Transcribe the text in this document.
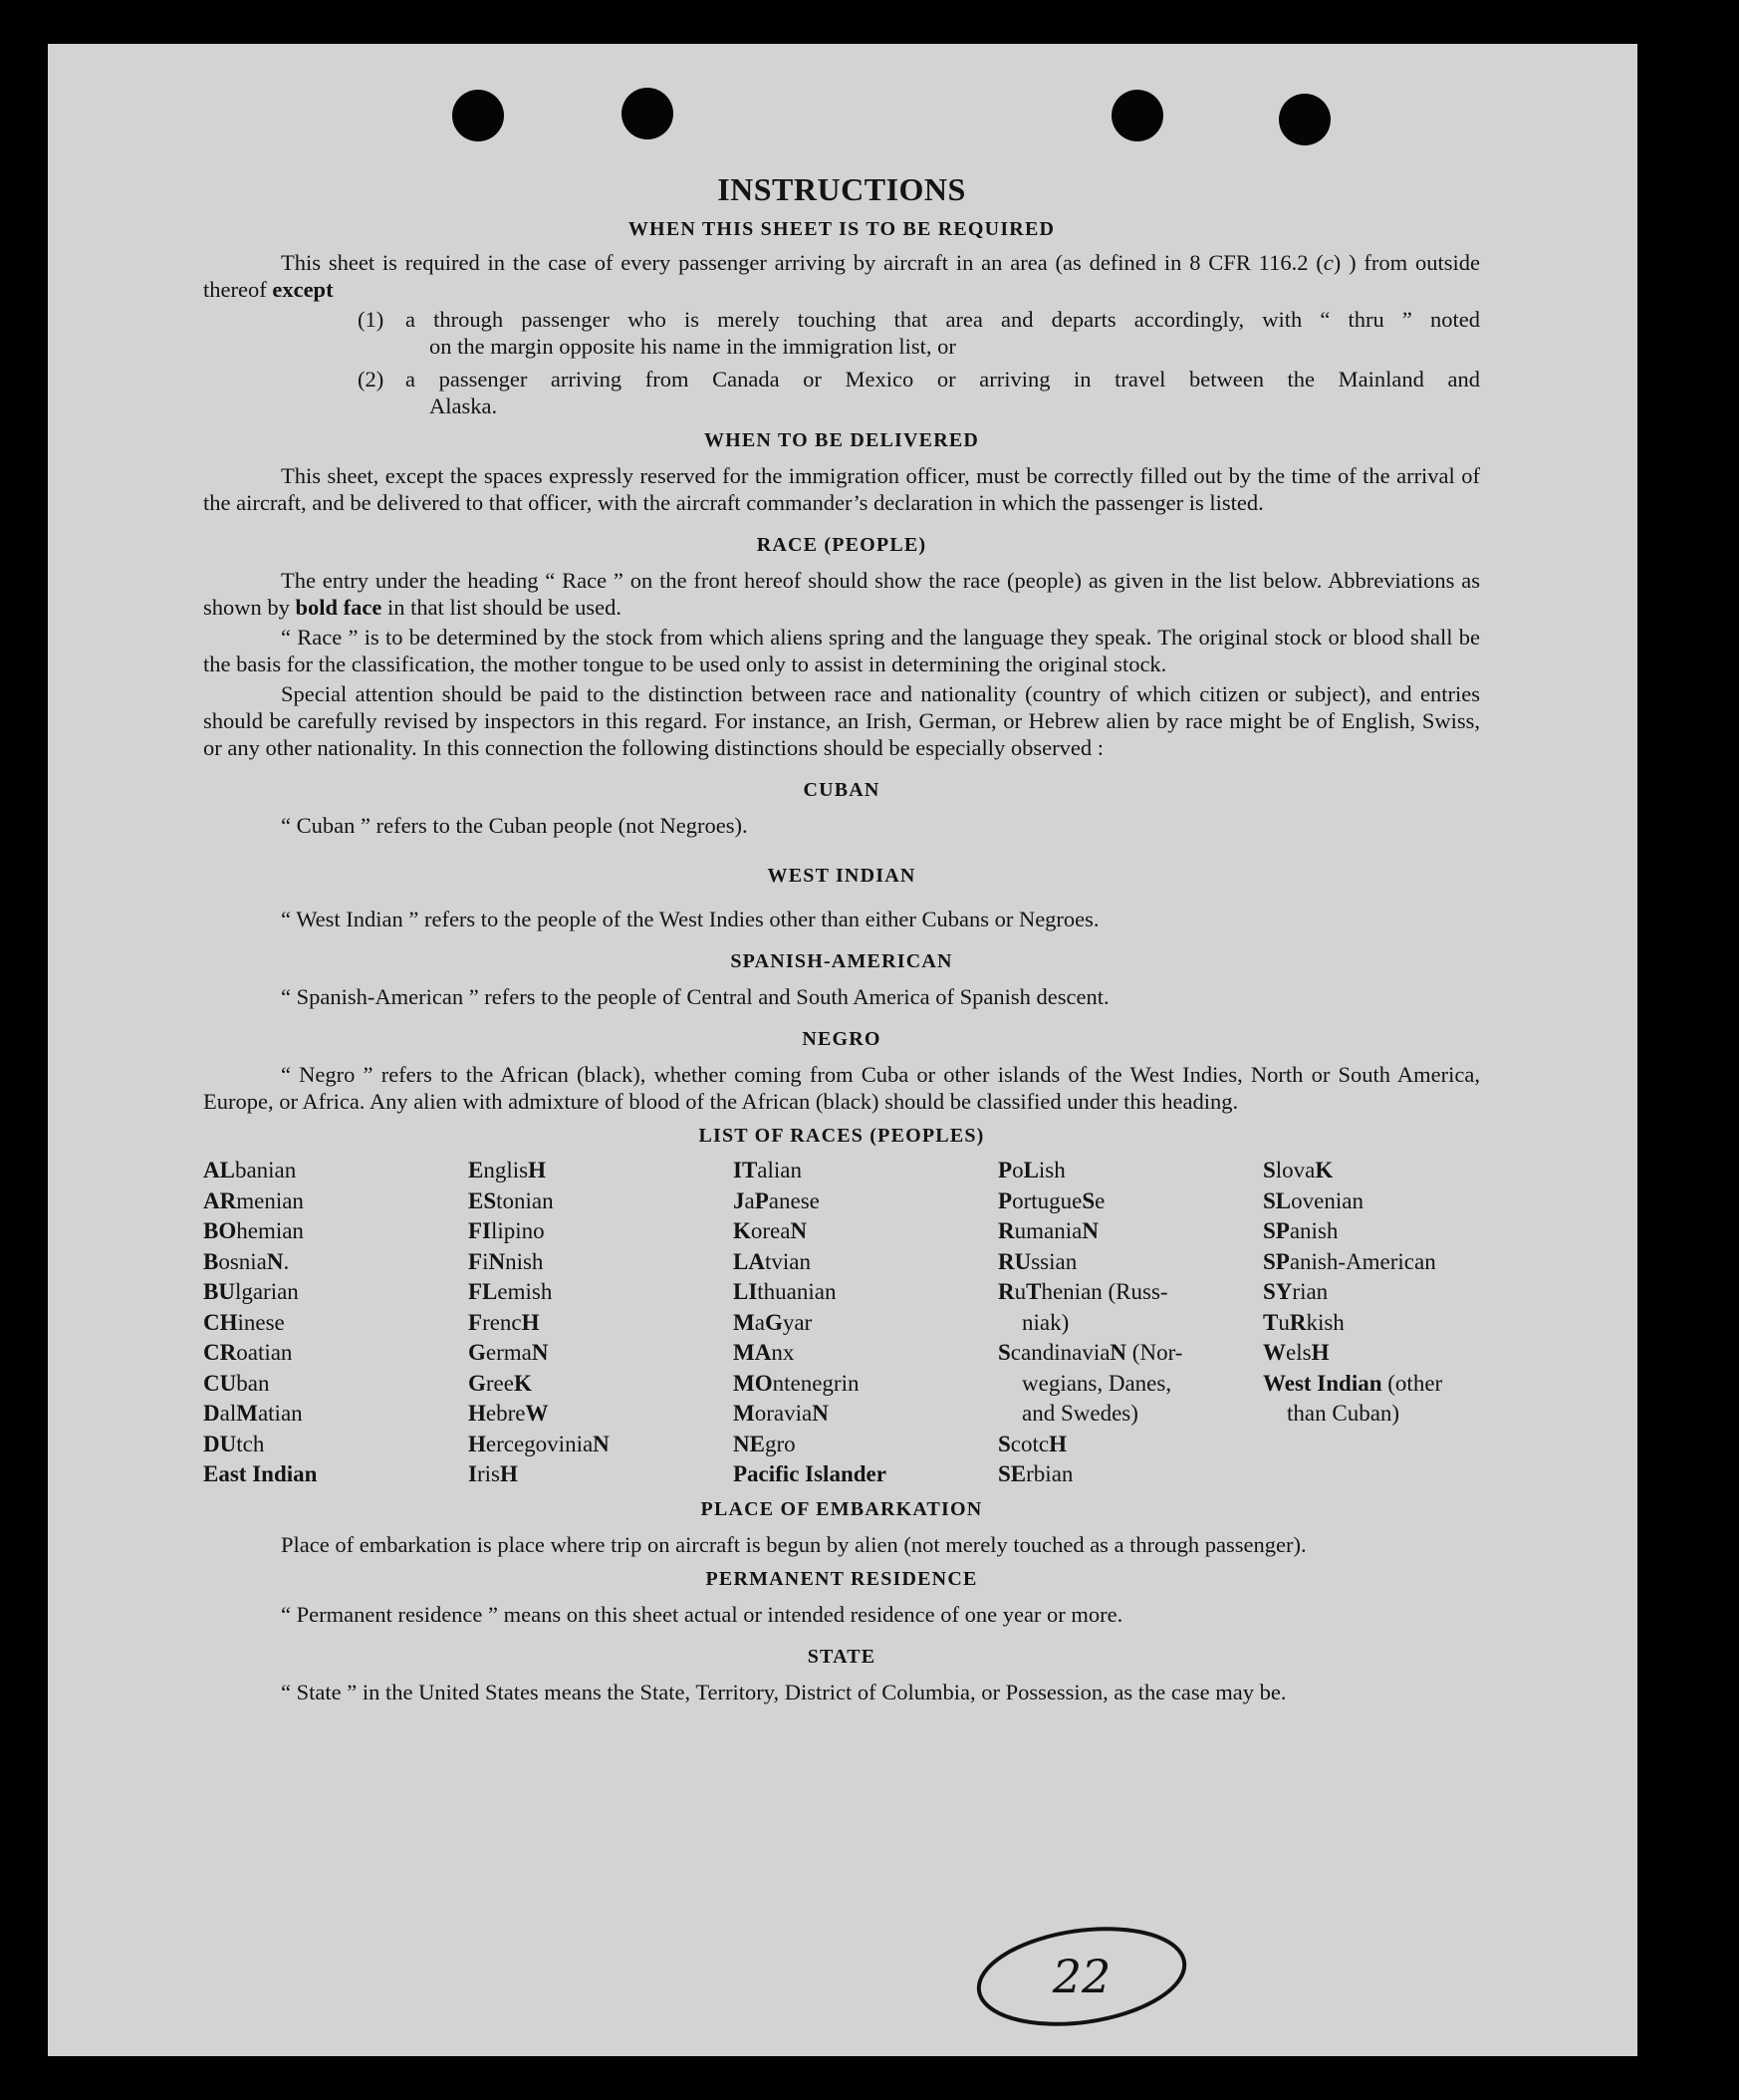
INSTRUCTIONS
WHEN THIS SHEET IS TO BE REQUIRED

This sheet is required in the case of every passenger arriving by aircraft in an area (as defined in 8 CFR 116.2 (c) ) from outside thereof except

(1) a through passenger who is merely touching that area and departs accordingly, with “ thru ” noted
on the margin opposite his name in the immigration list, or
(2) a passenger arriving from Canada or Mexico or arriving in travel between the Mainland and
Alaska.
WHEN TO BE DELIVERED

This sheet, except the spaces expressly reserved for the immigration officer, must be correctly filled out by the time of the arrival of the aircraft, and be delivered to that officer, with the aircraft commander’s declaration in which the passenger is listed.

RACE (PEOPLE)

The entry under the heading “ Race ” on the front hereof should show the race (people) as given in the list below. Abbreviations as shown by bold face in that list should be used.

“ Race ” is to be determined by the stock from which aliens spring and the language they speak. The original stock or blood shall be the basis for the classification, the mother tongue to be used only to assist in determining the original stock.

Special attention should be paid to the distinction between race and nationality (country of which citizen or subject), and entries should be carefully revised by inspectors in this regard. For instance, an Irish, German, or Hebrew alien by race might be of English, Swiss, or any other nationality. In this connection the following distinctions should be especially observed :

CUBAN

“ Cuban ” refers to the Cuban people (not Negroes).

WEST INDIAN

“ West Indian ” refers to the people of the West Indies other than either Cubans or Negroes.

SPANISH-AMERICAN

“ Spanish-American ” refers to the people of Central and South America of Spanish descent.

NEGRO

“ Negro ” refers to the African (black), whether coming from Cuba or other islands of the West Indies, North or South America, Europe, or Africa. Any alien with admixture of blood of the African (black) should be classified under this heading.

LIST OF RACES (PEOPLES)
ALbanian
ARmenian
BOhemian
BosniaN.
BUlgarian
CHinese
CRoatian
CUban
DalMatian
DUtch
East Indian
EnglisH
EStonian
FIlipino
FiNnish
FLemish
FrencH
GermaN
GreeK
HebreW
HercegoviniaN
IrisH
ITalian
JaPanese
KoreaN
LAtvian
LIthuanian
MaGyar
MAnx
MOntenegrin
MoraviaN
NEgro
Pacific Islander
PoLish
PortugueSe
RumaniaN
RUssian
RuThenian (Russ-
niak)
ScandinaviaN (Nor-
wegians, Danes,
and Swedes)
ScotcH
SErbian
SlovaK
SLovenian
SPanish
SPanish-American
SYrian
TuRkish
WelsH
West Indian (other
than Cuban)
PLACE OF EMBARKATION

Place of embarkation is place where trip on aircraft is begun by alien (not merely touched as a through passenger).

PERMANENT RESIDENCE

“ Permanent residence ” means on this sheet actual or intended residence of one year or more.

STATE

“ State ” in the United States means the State, Territory, District of Columbia, or Possession, as the case may be.

22
